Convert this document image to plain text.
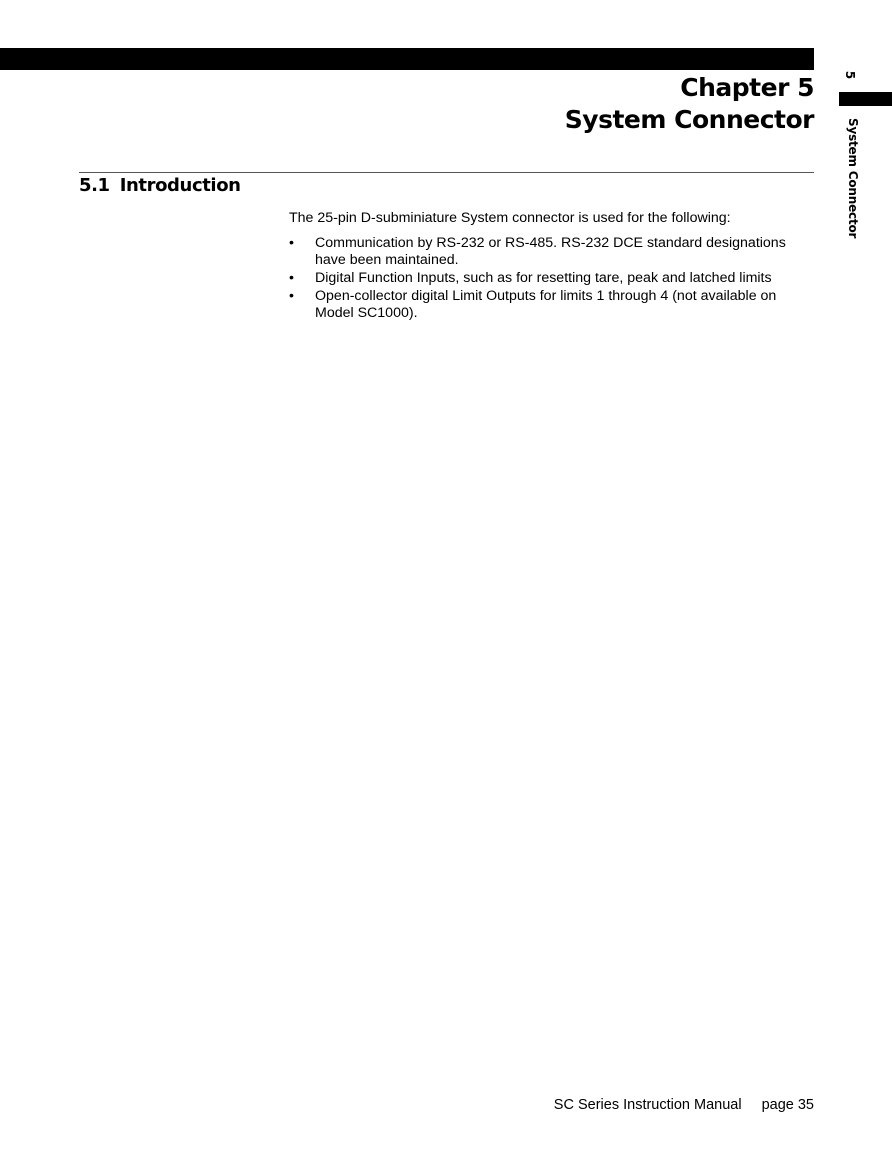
Chapter 5
System Connector
5
System Connector
5.1 Introduction

The 25-pin D-subminiature System connector is used for the following:

• Communication by RS-232 or RS-485. RS-232 DCE standard designations have been maintained.
• Digital Function Inputs, such as for resetting tare, peak and latched limits
• Open-collector digital Limit Outputs for limits 1 through 4 (not available on Model SC1000).
SC Series Instruction Manual page 35
